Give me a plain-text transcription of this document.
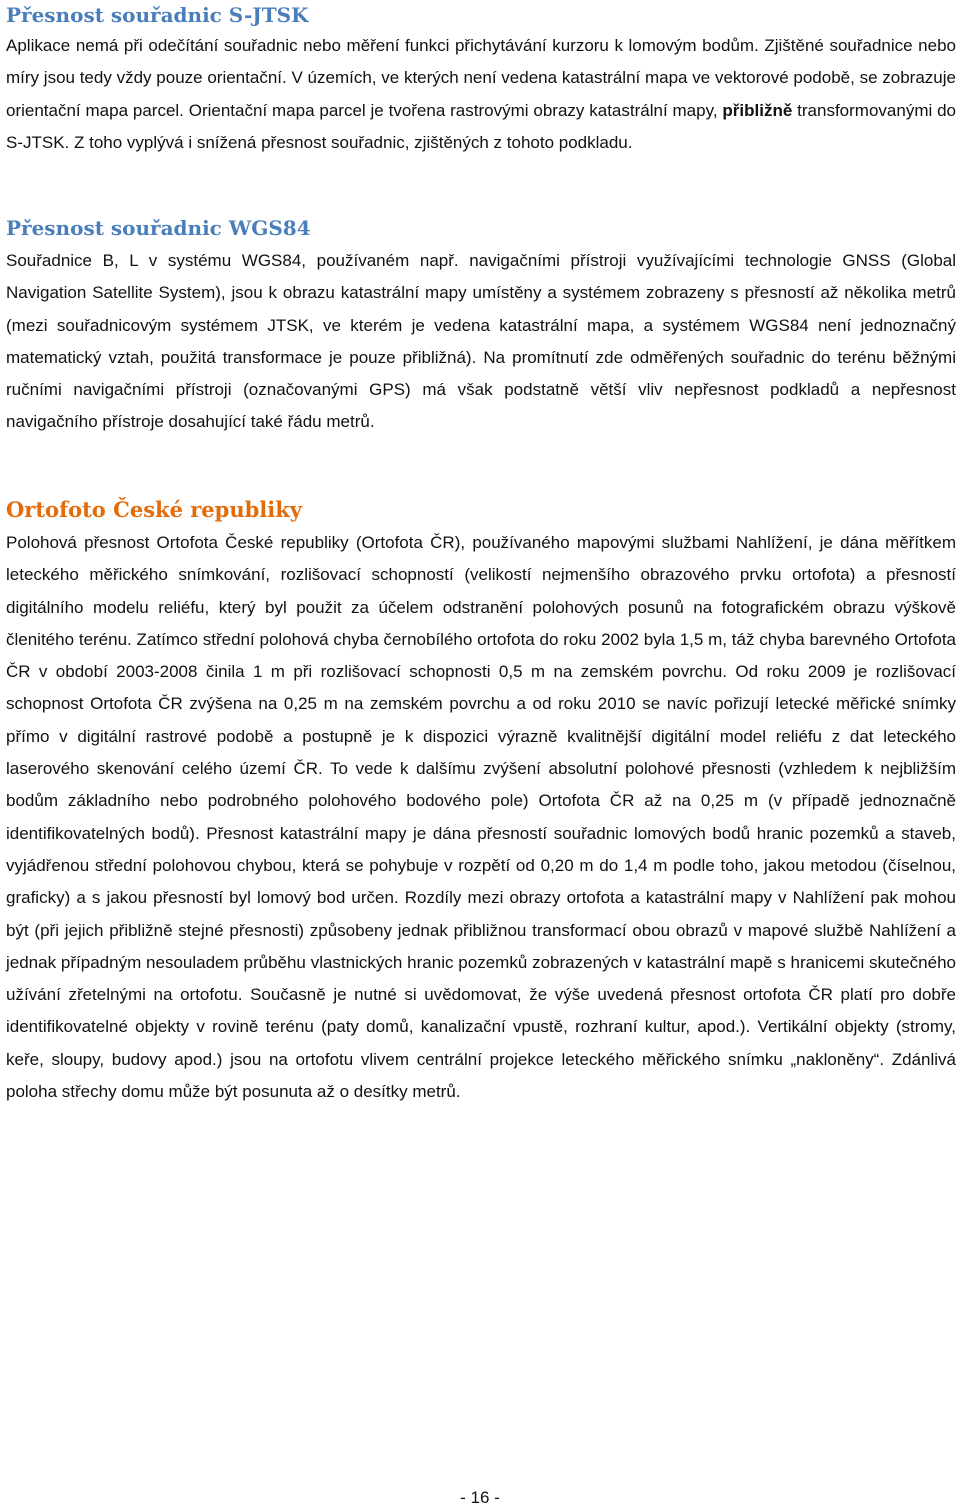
Přesnost souřadnic S-JTSK

Aplikace nemá při odečítání souřadnic nebo měření funkci přichytávání kurzoru k lomovým bodům. Zjištěné souřadnice nebo míry jsou tedy vždy pouze orientační. V územích, ve kterých není vedena katastrální mapa ve vektorové podobě, se zobrazuje orientační mapa parcel. Orientační mapa parcel je tvořena rastrovými obrazy katastrální mapy, přibližně transformovanými do S-JTSK. Z toho vyplývá i snížená přesnost souřadnic, zjištěných z tohoto podkladu.

Přesnost souřadnic WGS84

Souřadnice B, L v systému WGS84, používaném např. navigačními přístroji využívajícími technologie GNSS (Global Navigation Satellite System), jsou k obrazu katastrální mapy umístěny a systémem zobrazeny s přesností až několika metrů (mezi souřadnicovým systémem JTSK, ve kterém je vedena katastrální mapa, a systémem WGS84 není jednoznačný matematický vztah, použitá transformace je pouze přibližná). Na promítnutí zde odměřených souřadnic do terénu běžnými ručními navigačními přístroji (označovanými GPS) má však podstatně větší vliv nepřesnost podkladů a nepřesnost navigačního přístroje dosahující také řádu metrů.

Ortofoto České republiky

Polohová přesnost Ortofota České republiky (Ortofota ČR), používaného mapovými službami Nahlížení, je dána měřítkem leteckého měřického snímkování, rozlišovací schopností (velikostí nejmenšího obrazového prvku ortofota) a přesností digitálního modelu reliéfu, který byl použit za účelem odstranění polohových posunů na fotografickém obrazu výškově členitého terénu. Zatímco střední polohová chyba černobílého ortofota do roku 2002 byla 1,5 m, táž chyba barevného Ortofota ČR v období 2003-2008 činila 1 m při rozlišovací schopnosti 0,5 m na zemském povrchu. Od roku 2009 je rozlišovací schopnost Ortofota ČR zvýšena na 0,25 m na zemském povrchu a od roku 2010 se navíc pořizují letecké měřické snímky přímo v digitální rastrové podobě a postupně je k dispozici výrazně kvalitnější digitální model reliéfu z dat leteckého laserového skenování celého území ČR. To vede k dalšímu zvýšení absolutní polohové přesnosti (vzhledem k nejbližším bodům základního nebo podrobného polohového bodového pole) Ortofota ČR až na 0,25 m (v případě jednoznačně identifikovatelných bodů). Přesnost katastrální mapy je dána přesností souřadnic lomových bodů hranic pozemků a staveb, vyjádřenou střední polohovou chybou, která se pohybuje v rozpětí od 0,20 m do 1,4 m podle toho, jakou metodou (číselnou, graficky) a s jakou přesností byl lomový bod určen. Rozdíly mezi obrazy ortofota a katastrální mapy v Nahlížení pak mohou být (při jejich přibližně stejné přesnosti) způsobeny jednak přibližnou transformací obou obrazů v mapové službě Nahlížení a jednak případným nesouladem průběhu vlastnických hranic pozemků zobrazených v katastrální mapě s hranicemi skutečného užívání zřetelnými na ortofotu. Současně je nutné si uvědomovat, že výše uvedená přesnost ortofota ČR platí pro dobře identifikovatelné objekty v rovině terénu (paty domů, kanalizační vpustě, rozhraní kultur, apod.). Vertikální objekty (stromy, keře, sloupy, budovy apod.) jsou na ortofotu vlivem centrální projekce leteckého měřického snímku „nakloněny“. Zdánlivá poloha střechy domu může být posunuta až o desítky metrů.

- 16 -
